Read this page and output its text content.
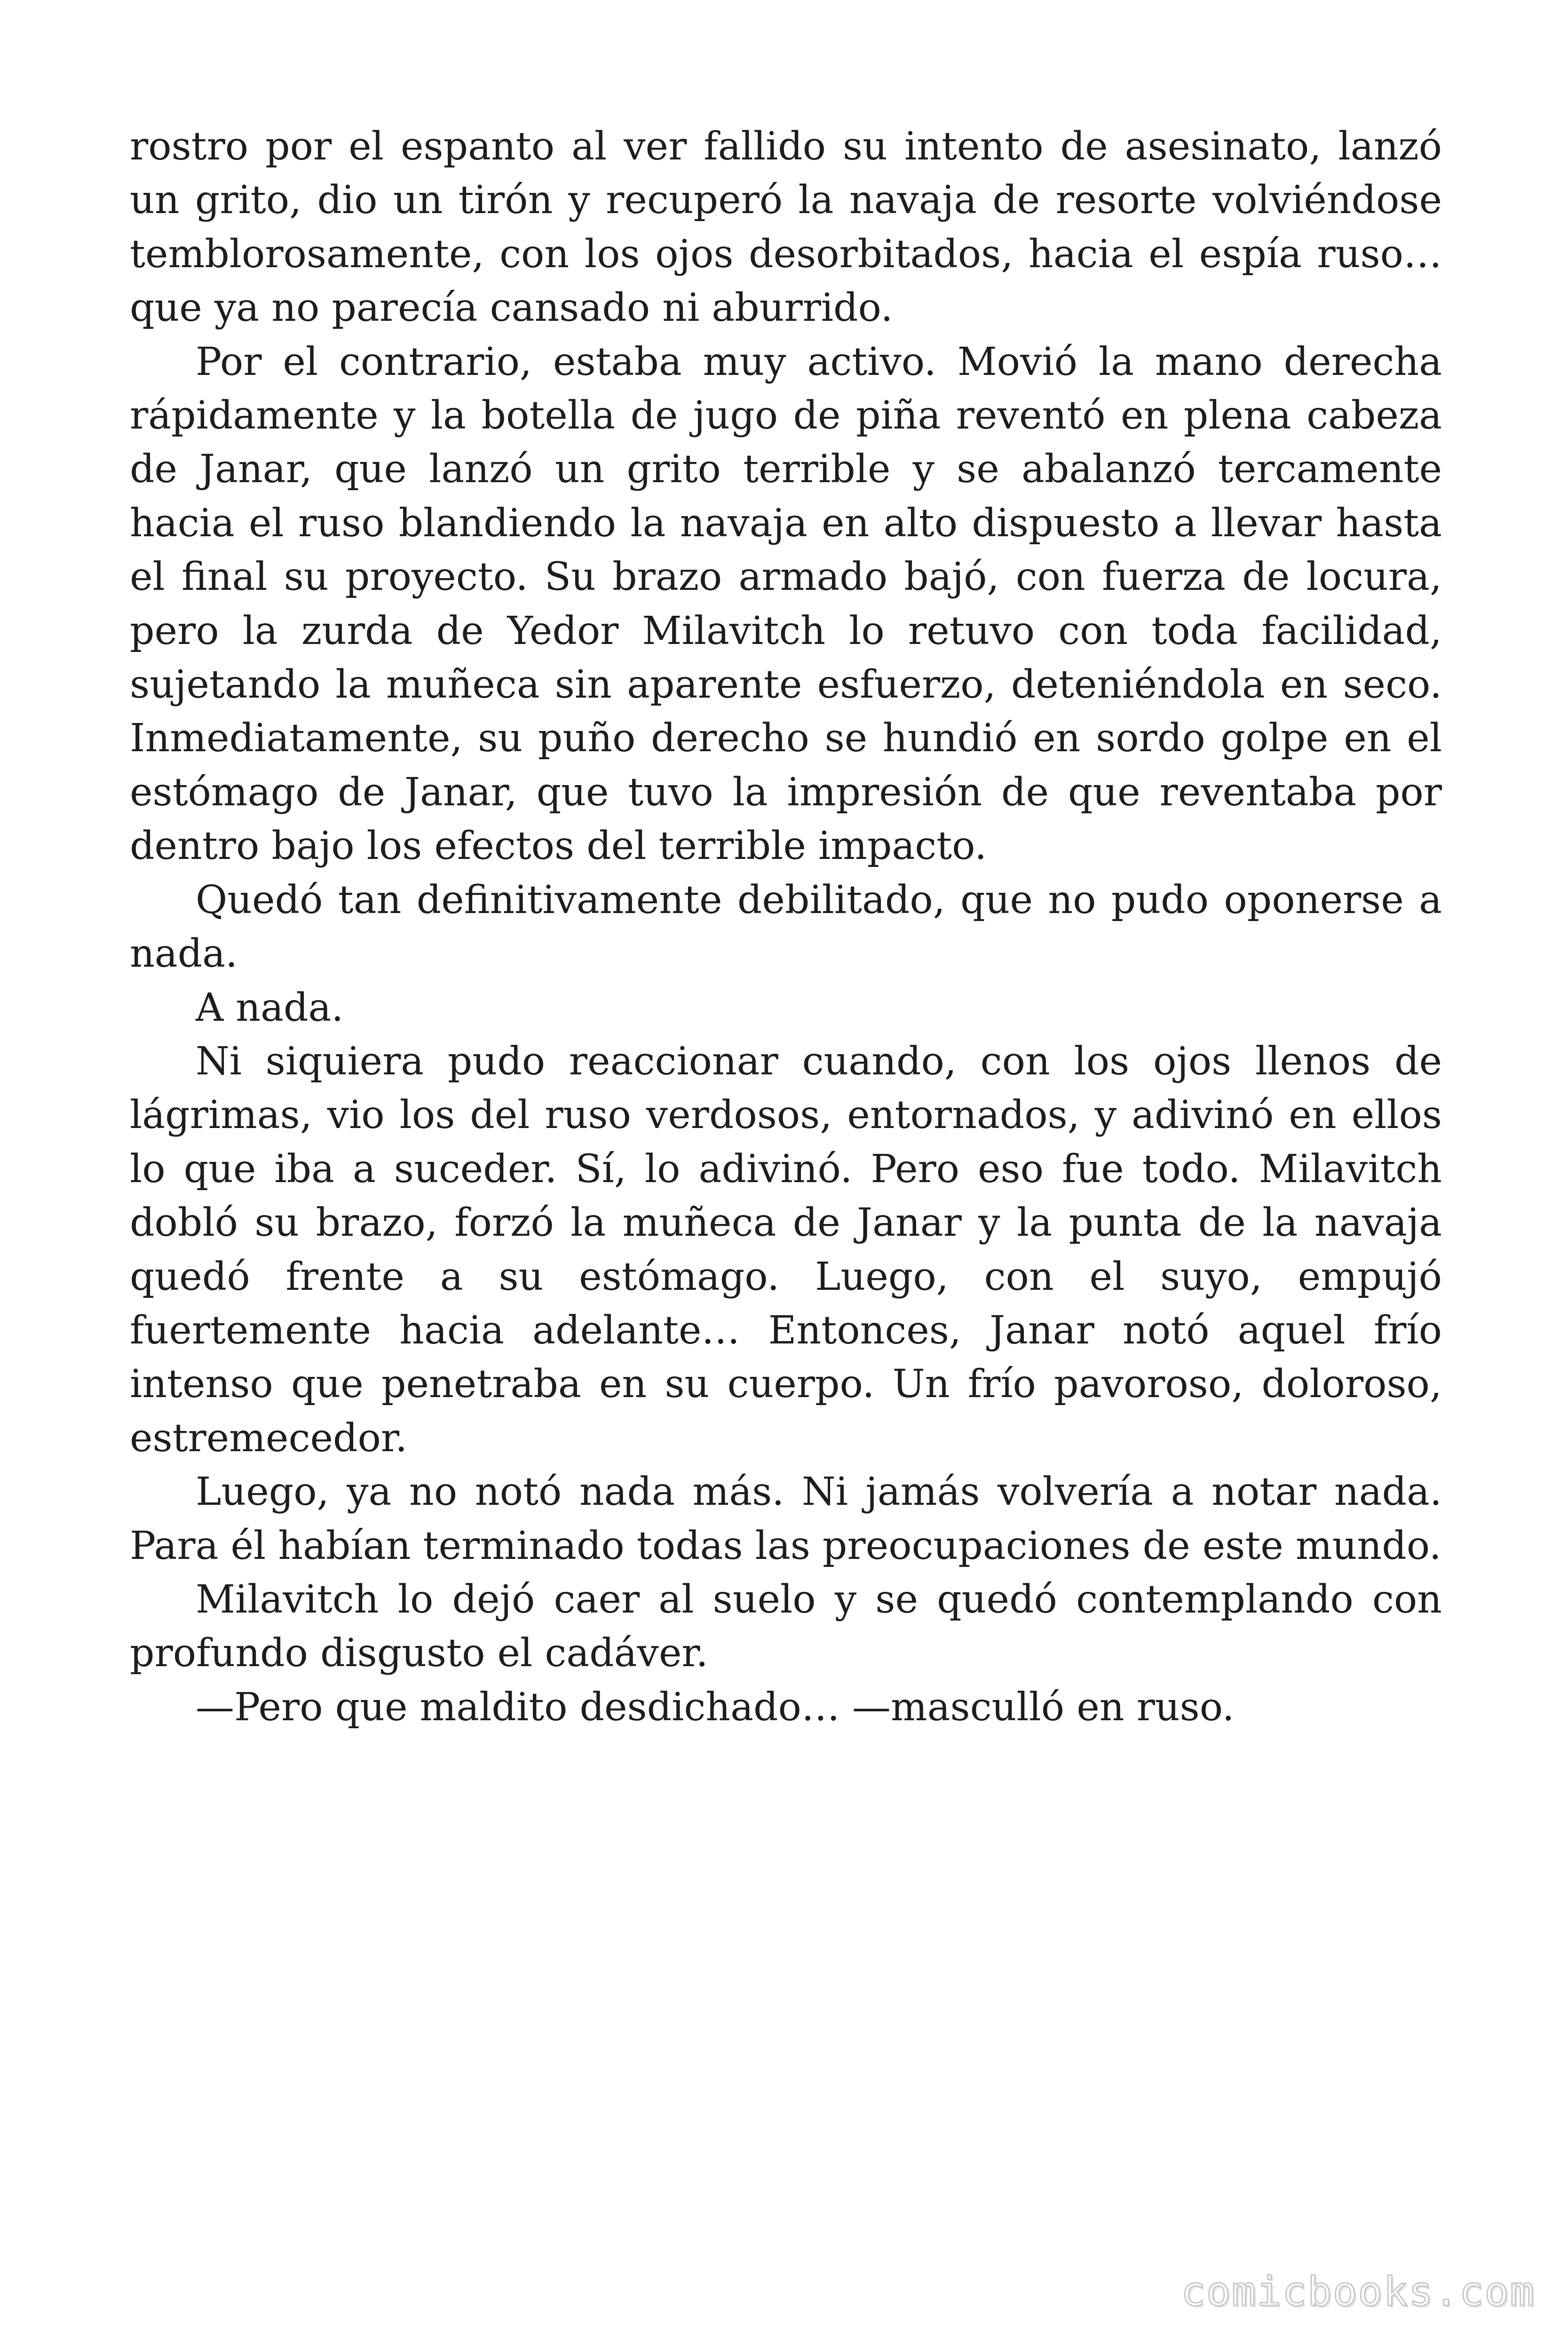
rostro por el espanto al ver fallido su intento de asesinato, lanzó un grito, dio un tirón y recuperó la navaja de resorte volviéndose temblorosamente, con los ojos desorbitados, hacia el espía ruso… que ya no parecía cansado ni aburrido.

Por el contrario, estaba muy activo. Movió la mano derecha rápidamente y la botella de jugo de piña reventó en plena cabeza de Janar, que lanzó un grito terrible y se abalanzó tercamente hacia el ruso blandiendo la navaja en alto dispuesto a llevar hasta el final su proyecto. Su brazo armado bajó, con fuerza de locura, pero la zurda de Yedor Milavitch lo retuvo con toda facilidad, sujetando la muñeca sin aparente esfuerzo, deteniéndola en seco. Inmediatamente, su puño derecho se hundió en sordo golpe en el estómago de Janar, que tuvo la impresión de que reventaba por dentro bajo los efectos del terrible impacto.

Quedó tan definitivamente debilitado, que no pudo oponerse a nada.

A nada.

Ni siquiera pudo reaccionar cuando, con los ojos llenos de lágrimas, vio los del ruso verdosos, entornados, y adivinó en ellos lo que iba a suceder. Sí, lo adivinó. Pero eso fue todo. Milavitch dobló su brazo, forzó la muñeca de Janar y la punta de la navaja quedó frente a su estómago. Luego, con el suyo, empujó fuertemente hacia adelante… Entonces, Janar notó aquel frío intenso que penetraba en su cuerpo. Un frío pavoroso, doloroso, estremecedor.

Luego, ya no notó nada más. Ni jamás volvería a notar nada. Para él habían terminado todas las preocupaciones de este mundo.

Milavitch lo dejó caer al suelo y se quedó contemplando con profundo disgusto el cadáver.

—Pero que maldito desdichado… —masculló en ruso.

comicbooks.com
